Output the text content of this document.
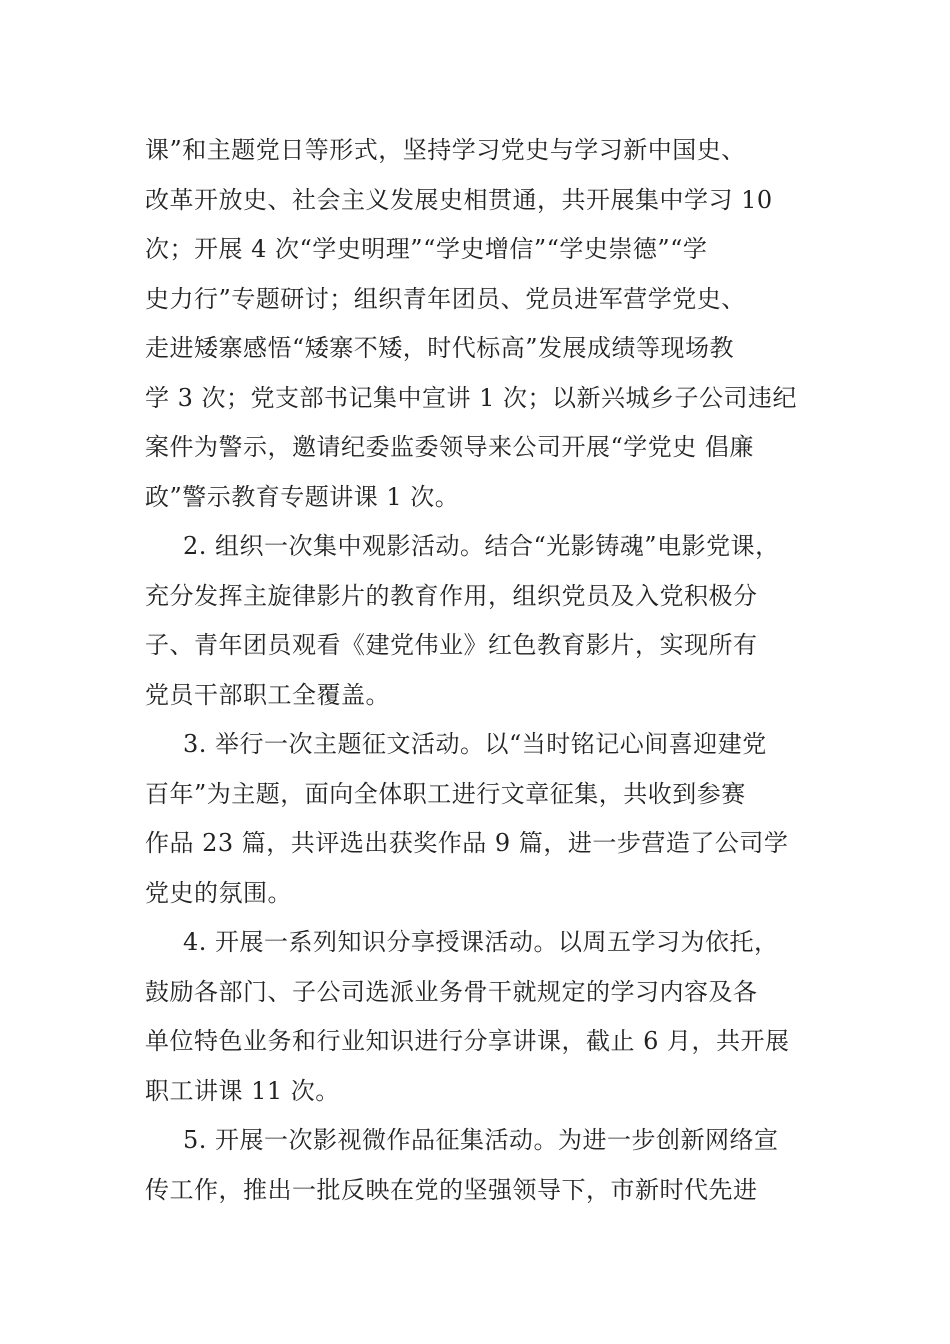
课”和主题党日等形式，坚持学习党史与学习新中国史、
改革开放史、社会主义发展史相贯通，共开展集中学习 10
次；开展 4 次“学史明理”“学史增信”“学史崇德”“学
史力行”专题研讨；组织青年团员、党员进军营学党史、
走进矮寨感悟“矮寨不矮，时代标高”发展成绩等现场教
学 3 次；党支部书记集中宣讲 1 次；以新兴城乡子公司违纪
案件为警示，邀请纪委监委领导来公司开展“学党史 倡廉
政”警示教育专题讲课 1 次。
2. 组织一次集中观影活动。结合“光影铸魂”电影党课，
充分发挥主旋律影片的教育作用，组织党员及入党积极分
子、青年团员观看《建党伟业》红色教育影片，实现所有
党员干部职工全覆盖。
3. 举行一次主题征文活动。以“当时铭记心间喜迎建党
百年”为主题，面向全体职工进行文章征集，共收到参赛
作品 23 篇，共评选出获奖作品 9 篇，进一步营造了公司学
党史的氛围。
4. 开展一系列知识分享授课活动。以周五学习为依托，
鼓励各部门、子公司选派业务骨干就规定的学习内容及各
单位特色业务和行业知识进行分享讲课，截止 6 月，共开展
职工讲课 11 次。
5. 开展一次影视微作品征集活动。为进一步创新网络宣
传工作，推出一批反映在党的坚强领导下，市新时代先进
